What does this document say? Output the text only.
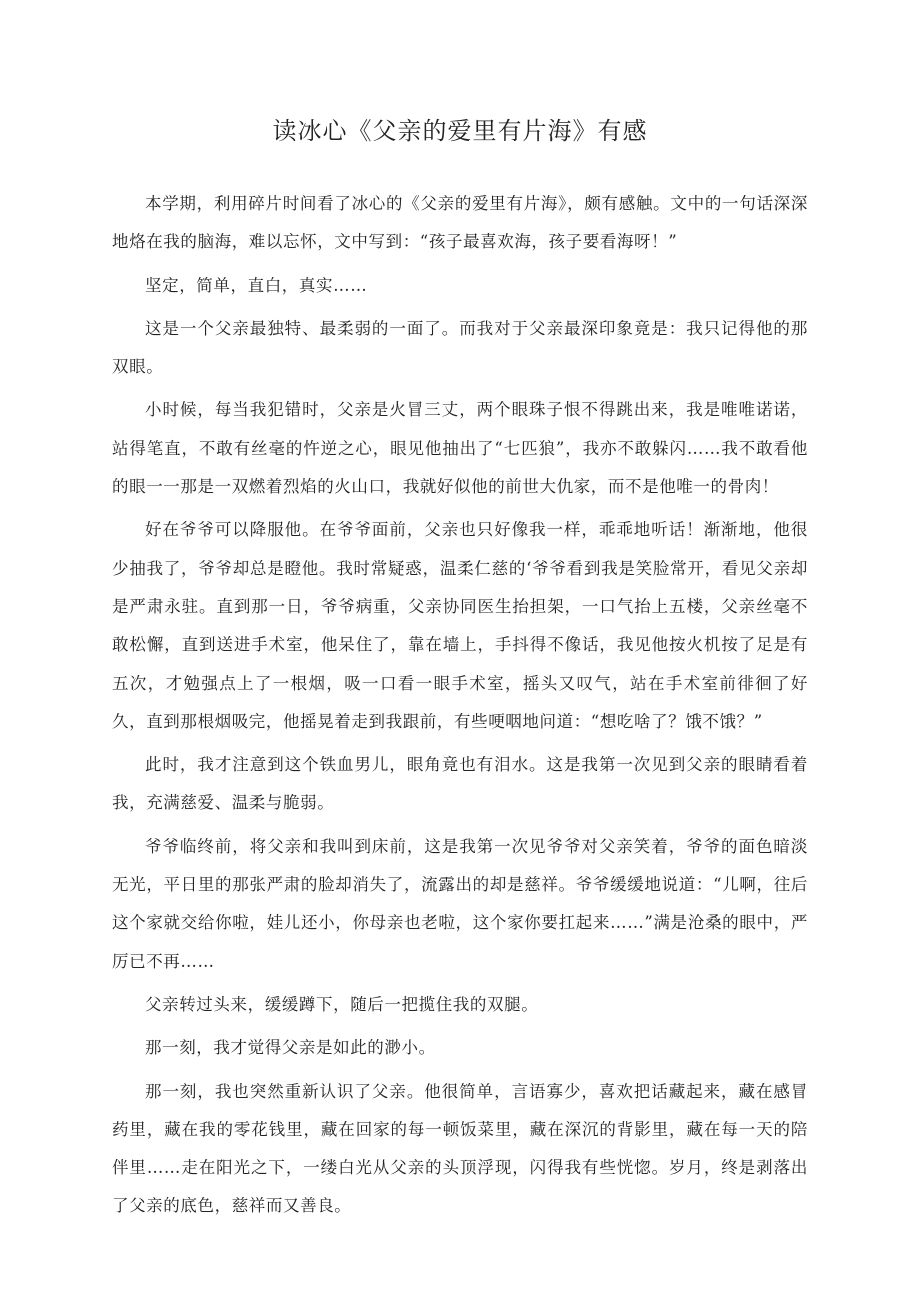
读冰心《父亲的爱里有片海》有感

本学期，利用碎片时间看了冰心的《父亲的爱里有片海》，颇有感触。文中的一句话深深地烙在我的脑海，难以忘怀，文中写到：“孩子最喜欢海，孩子要看海呀！”

坚定，简单，直白，真实……

这是一个父亲最独特、最柔弱的一面了。而我对于父亲最深印象竟是：我只记得他的那双眼。

小时候，每当我犯错时，父亲是火冒三丈，两个眼珠子恨不得跳出来，我是唯唯诺诺，站得笔直，不敢有丝毫的忤逆之心，眼见他抽出了“七匹狼”，我亦不敢躲闪……我不敢看他的眼一一那是一双燃着烈焰的火山口，我就好似他的前世大仇家，而不是他唯一的骨肉！

好在爷爷可以降服他。在爷爷面前，父亲也只好像我一样，乖乖地听话！渐渐地，他很少抽我了，爷爷却总是瞪他。我时常疑惑，温柔仁慈的‘爷爷看到我是笑脸常开，看见父亲却是严肃永驻。直到那一日，爷爷病重，父亲协同医生抬担架，一口气抬上五楼，父亲丝毫不敢松懈，直到送进手术室，他呆住了，靠在墙上，手抖得不像话，我见他按火机按了足是有五次，才勉强点上了一根烟，吸一口看一眼手术室，摇头又叹气，站在手术室前徘徊了好久，直到那根烟吸完，他摇晃着走到我跟前，有些哽咽地问道：“想吃啥了？饿不饿？”

此时，我才注意到这个铁血男儿，眼角竟也有泪水。这是我第一次见到父亲的眼睛看着我，充满慈爱、温柔与脆弱。

爷爷临终前，将父亲和我叫到床前，这是我第一次见爷爷对父亲笑着，爷爷的面色暗淡无光，平日里的那张严肃的脸却消失了，流露出的却是慈祥。爷爷缓缓地说道：“儿啊，往后这个家就交给你啦，娃儿还小，你母亲也老啦，这个家你要扛起来……”满是沧桑的眼中，严厉已不再……

父亲转过头来，缓缓蹲下，随后一把揽住我的双腿。

那一刻，我才觉得父亲是如此的渺小。

那一刻，我也突然重新认识了父亲。他很简单，言语寡少，喜欢把话藏起来，藏在感冒药里，藏在我的零花钱里，藏在回家的每一顿饭菜里，藏在深沉的背影里，藏在每一天的陪伴里……走在阳光之下，一缕白光从父亲的头顶浮现，闪得我有些恍惚。岁月，终是剥落出了父亲的底色，慈祥而又善良。
